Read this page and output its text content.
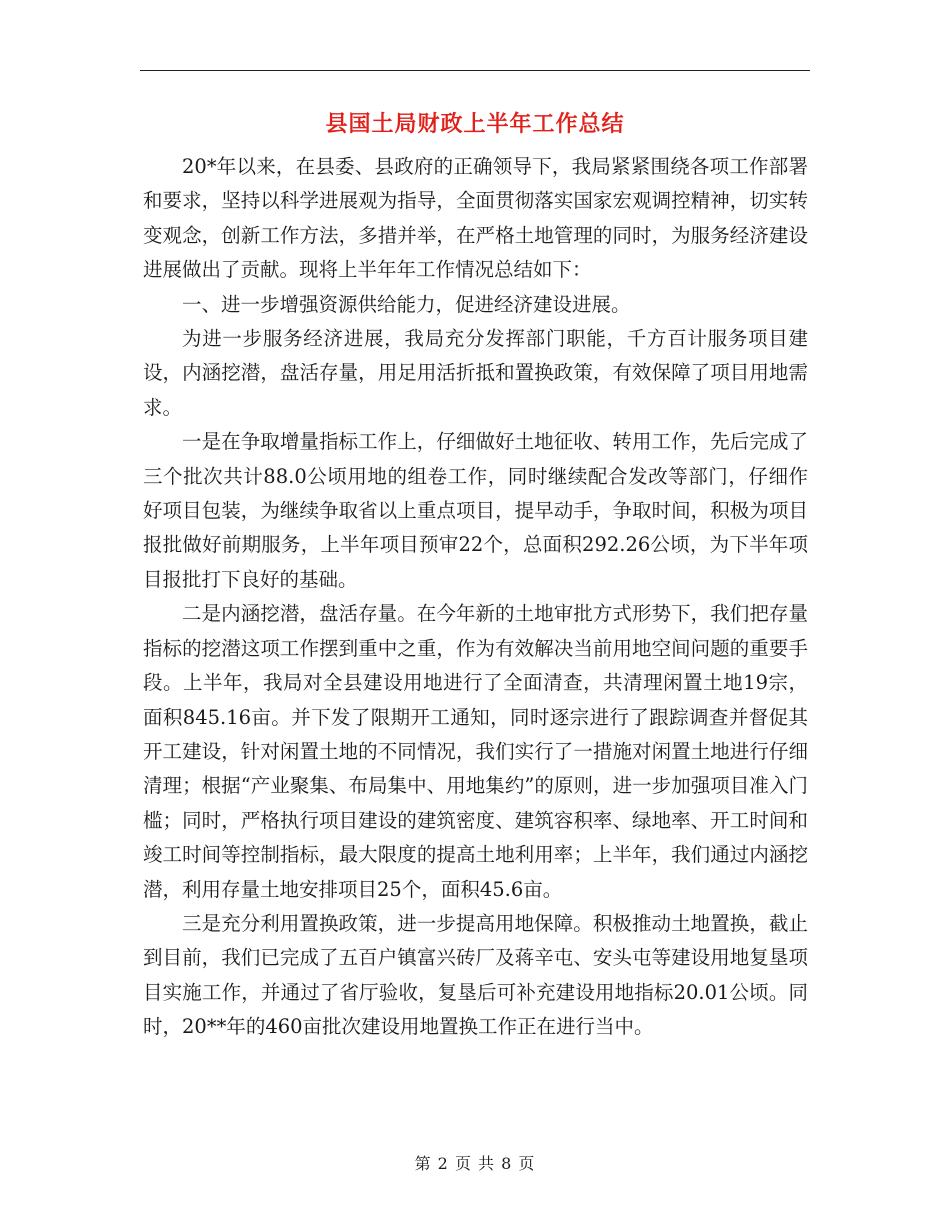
县国土局财政上半年工作总结

20*年以来，在县委、县政府的正确领导下，我局紧紧围绕各项工作部署和要求，坚持以科学进展观为指导，全面贯彻落实国家宏观调控精神，切实转变观念，创新工作方法，多措并举，在严格土地管理的同时，为服务经济建设进展做出了贡献。现将上半年年工作情况总结如下：

一、进一步增强资源供给能力，促进经济建设进展。

为进一步服务经济进展，我局充分发挥部门职能，千方百计服务项目建设，内涵挖潜，盘活存量，用足用活折抵和置换政策，有效保障了项目用地需求。

一是在争取增量指标工作上，仔细做好土地征收、转用工作，先后完成了三个批次共计88.0公顷用地的组卷工作，同时继续配合发改等部门，仔细作好项目包装，为继续争取省以上重点项目，提早动手，争取时间，积极为项目报批做好前期服务，上半年项目预审22个，总面积292.26公顷，为下半年项目报批打下良好的基础。

二是内涵挖潜，盘活存量。在今年新的土地审批方式形势下，我们把存量指标的挖潜这项工作摆到重中之重，作为有效解决当前用地空间问题的重要手段。上半年，我局对全县建设用地进行了全面清查，共清理闲置土地19宗，面积845.16亩。并下发了限期开工通知，同时逐宗进行了跟踪调查并督促其开工建设，针对闲置土地的不同情况，我们实行了一措施对闲置土地进行仔细清理；根据“产业聚集、布局集中、用地集约”的原则，进一步加强项目准入门槛；同时，严格执行项目建设的建筑密度、建筑容积率、绿地率、开工时间和竣工时间等控制指标，最大限度的提高土地利用率；上半年，我们通过内涵挖潜，利用存量土地安排项目25个，面积45.6亩。

三是充分利用置换政策，进一步提高用地保障。积极推动土地置换，截止到目前，我们已完成了五百户镇富兴砖厂及蒋辛屯、安头屯等建设用地复垦项目实施工作，并通过了省厅验收，复垦后可补充建设用地指标20.01公顷。同时，20**年的460亩批次建设用地置换工作正在进行当中。

第 2 页 共 8 页
